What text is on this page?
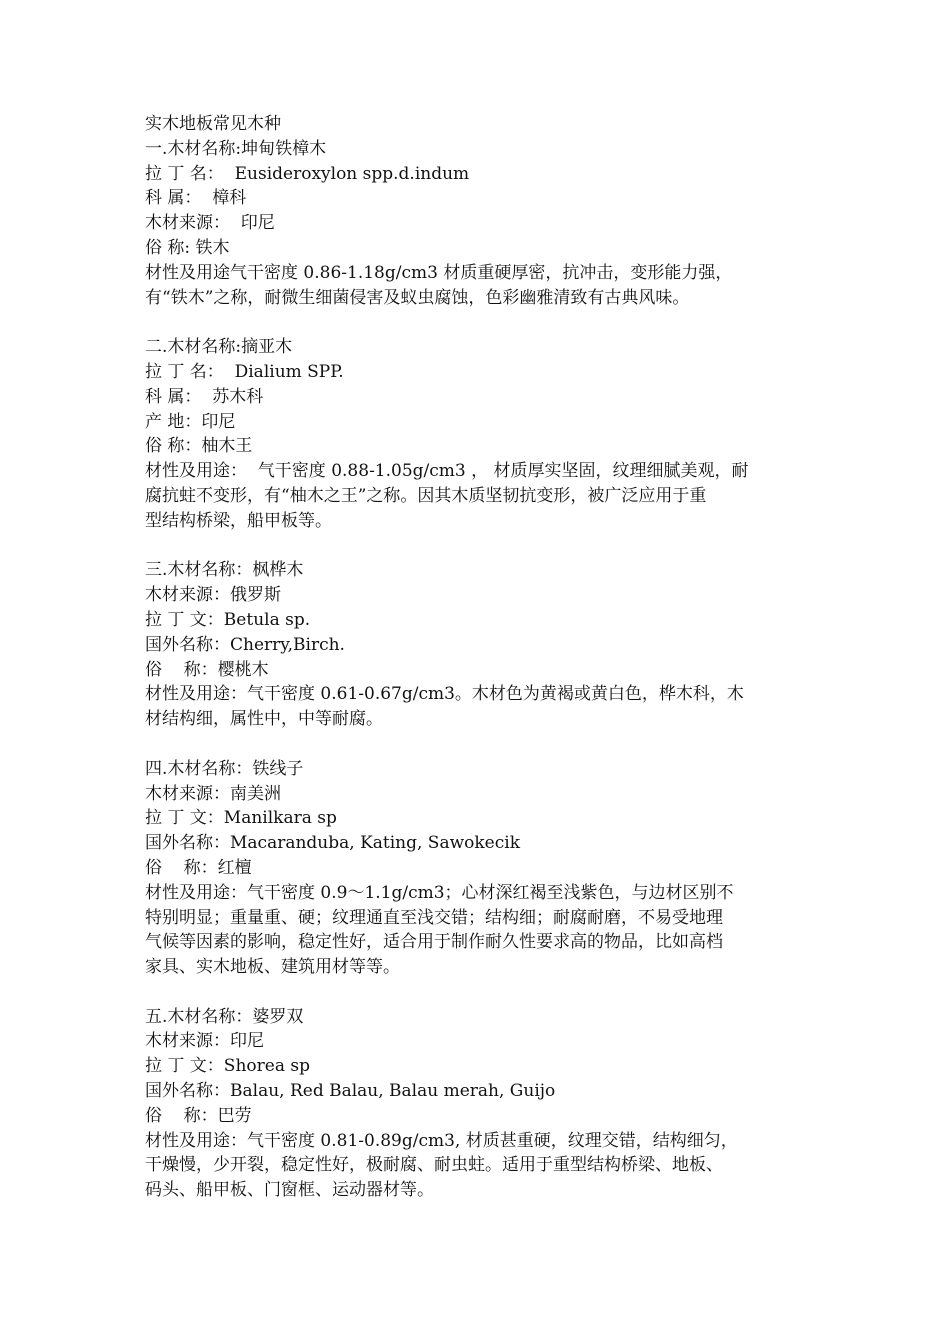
实木地板常见木种
一.木材名称:坤甸铁樟木
拉 丁 名：  Eusideroxylon spp.d.indum
科 属：  樟科
木材来源：  印尼
俗 称: 铁木
材性及用途气干密度 0.86-1.18g/cm3 材质重硬厚密，抗冲击，变形能力强，
有“铁木”之称，耐微生细菌侵害及蚁虫腐蚀，色彩幽雅清致有古典风味。
二.木材名称:摘亚木
拉 丁 名：  Dialium SPP.
科 属：  苏木科
产 地：印尼
俗 称：柚木王
材性及用途：  气干密度 0.88-1.05g/cm3 ， 材质厚实坚固，纹理细腻美观，耐
腐抗蛀不变形，有“柚木之王”之称。因其木质坚韧抗变形，被广泛应用于重
型结构桥梁，船甲板等。
三.木材名称：枫桦木
木材来源：俄罗斯
拉 丁 文：Betula sp.
国外名称：Cherry,Birch.
俗    称：樱桃木
材性及用途：气干密度 0.61-0.67g/cm3。木材色为黄褐或黄白色，桦木科，木
材结构细，属性中，中等耐腐。
四.木材名称：铁线子
木材来源：南美洲
拉 丁 文：Manilkara sp
国外名称：Macaranduba, Kating, Sawokecik
俗    称：红檀
材性及用途：气干密度 0.9～1.1g/cm3；心材深红褐至浅紫色，与边材区别不
特别明显；重量重、硬；纹理通直至浅交错；结构细；耐腐耐磨，不易受地理
气候等因素的影响，稳定性好，适合用于制作耐久性要求高的物品，比如高档
家具、实木地板、建筑用材等等。
五.木材名称：婆罗双
木材来源：印尼
拉 丁 文：Shorea sp
国外名称：Balau, Red Balau, Balau merah, Guijo
俗    称：巴劳
材性及用途：气干密度 0.81-0.89g/cm3, 材质甚重硬，纹理交错，结构细匀，
干燥慢，少开裂，稳定性好，极耐腐、耐虫蛀。适用于重型结构桥梁、地板、
码头、船甲板、门窗框、运动器材等。
